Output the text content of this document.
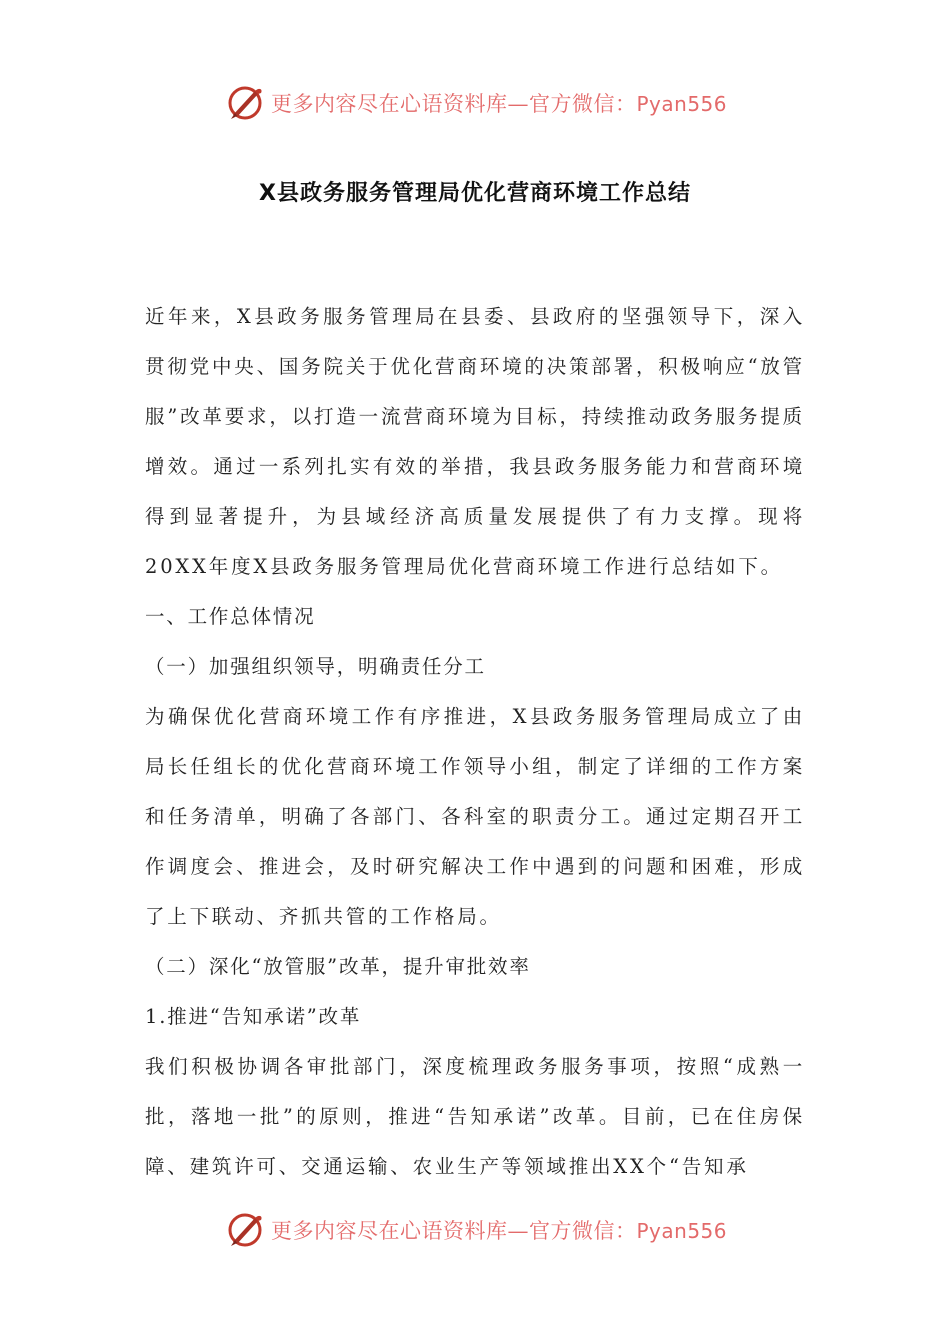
更多内容尽在心语资料库—官方微信：Pyan556
X县政务服务管理局优化营商环境工作总结

近年来，X县政务服务管理局在县委、县政府的坚强领导下，深入贯彻党中央、国务院关于优化营商环境的决策部署，积极响应“放管服”改革要求，以打造一流营商环境为目标，持续推动政务服务提质增效。通过一系列扎实有效的举措，我县政务服务能力和营商环境得到显著提升，为县域经济高质量发展提供了有力支撑。现将20XX年度X县政务服务管理局优化营商环境工作进行总结如下。

一、工作总体情况

（一）加强组织领导，明确责任分工

为确保优化营商环境工作有序推进，X县政务服务管理局成立了由局长任组长的优化营商环境工作领导小组，制定了详细的工作方案和任务清单，明确了各部门、各科室的职责分工。通过定期召开工作调度会、推进会，及时研究解决工作中遇到的问题和困难，形成了上下联动、齐抓共管的工作格局。

（二）深化“放管服”改革，提升审批效率

1.推进“告知承诺”改革

我们积极协调各审批部门，深度梳理政务服务事项，按照“成熟一批，落地一批”的原则，推进“告知承诺”改革。目前，已在住房保障、建筑许可、交通运输、农业生产等领域推出XX个“告知承

更多内容尽在心语资料库—官方微信：Pyan556
